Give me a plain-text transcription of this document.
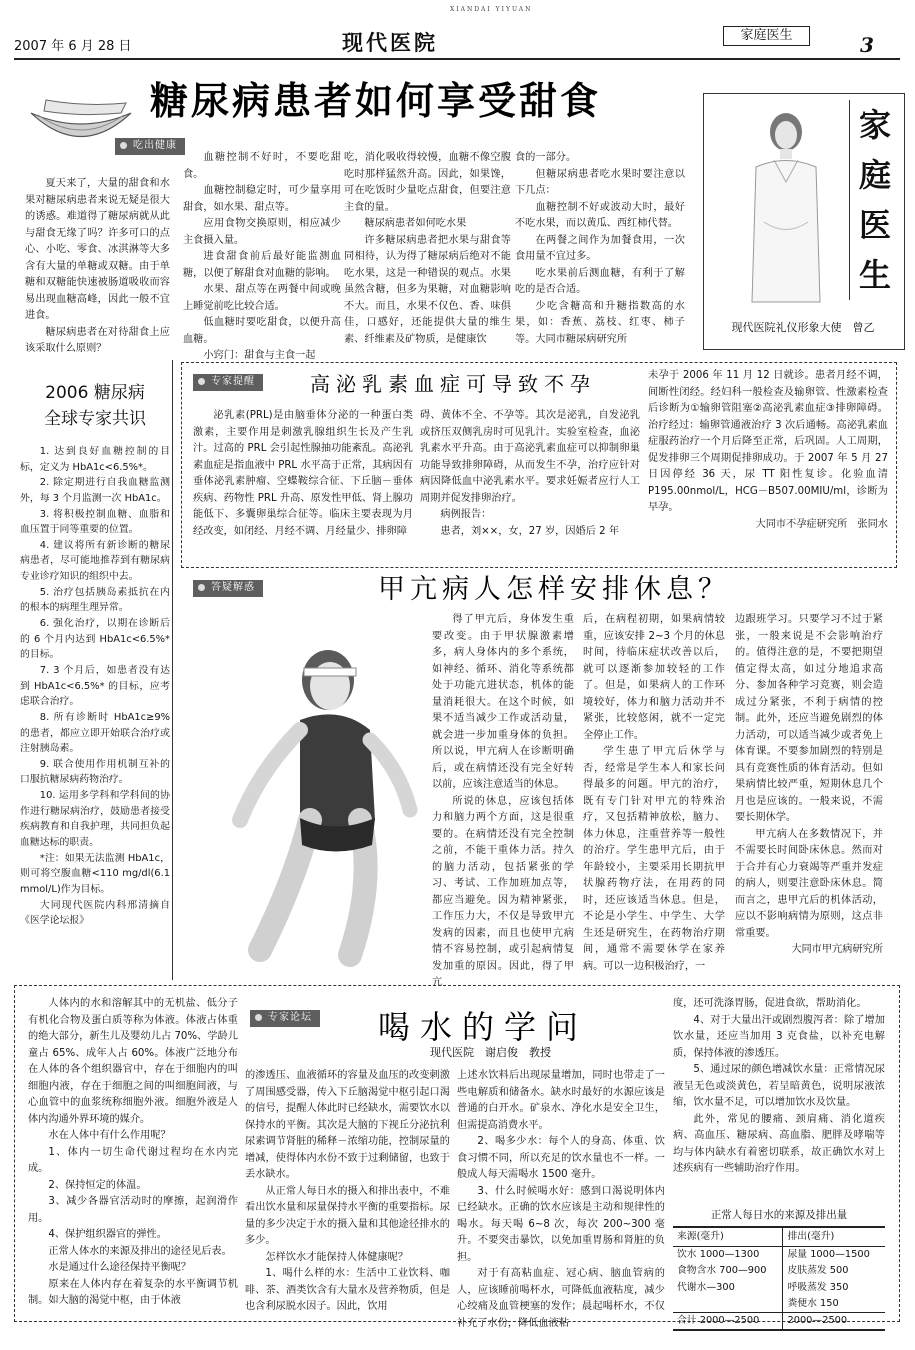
XIANDAI YIYUAN
2007 年 6 月 28 日	现代医院	家庭医生	3
糖尿病患者如何享受甜食
吃出健康

夏天来了，大量的甜食和水果对糖尿病患者来说无疑是很大的诱惑。难道得了糖尿病就从此与甜食无缘了吗？许多可口的点心、小吃、零食、冰淇淋等大多含有大量的单糖或双糖。由于单糖和双糖能快速被肠道吸收而容易出现血糖高峰，因此一般不宜进食。

糖尿病患者在对待甜食上应该采取什么原则？

血糖控制不好时，不要吃甜食。

血糖控制稳定时，可少量享用甜食，如水果、甜点等。

应用食物交换原则，相应减少主食摄入量。

进食甜食前后最好能监测血糖，以便了解甜食对血糖的影响。

水果、甜点等在两餐中间或晚上睡觉前吃比较合适。

低血糖时要吃甜食，以便升高血糖。

小窍门：甜食与主食一起

吃，消化吸收得较慢，血糖不像空腹吃时那样猛然升高。因此，如果馋，可在吃饭时少量吃点甜食，但要注意主食的量。

糖尿病患者如何吃水果

许多糖尿病患者把水果与甜食等同相待，认为得了糖尿病后绝对不能吃水果，这是一种错误的观点。水果虽然含糖，但多为果糖，对血糖影响不大。而且，水果不仅色、香、味俱佳，口感好，还能提供大量的维生素、纤维素及矿物质，是健康饮

食的一部分。

但糖尿病患者吃水果时要注意以下几点：

血糖控制不好或波动大时，最好不吃水果，而以黄瓜、西红柿代替。

在两餐之间作为加餐食用，一次食用量不宜过多。

吃水果前后测血糖，有利于了解吃的是否合适。

少吃含糖高和升糖指数高的水果，如：香蕉、荔枝、红枣、柿子等。大同市糖尿病研究所

家
庭
医
生
现代医院礼仪形象大使　曾乙
2006 糖尿病
全球专家共识

1. 达到良好血糖控制的目标，定义为 HbA1c<6.5%*。

2. 除定期进行自我血糖监测外，每 3 个月监测一次 HbA1c。

3. 将积极控制血糖、血脂和血压置于同等重要的位置。

4. 建议将所有新诊断的糖尿病患者，尽可能地推荐到有糖尿病专业诊疗知识的组织中去。

5. 治疗包括胰岛素抵抗在内的根本的病理生理异常。

6. 强化治疗，以期在诊断后的 6 个月内达到 HbA1c<6.5%* 的目标。

7. 3 个月后，如患者没有达到 HbA1c<6.5%* 的目标，应考虑联合治疗。

8. 所有诊断时 HbA1c≥9%的患者，都应立即开始联合治疗或注射胰岛素。

9. 联合使用作用机制互补的口服抗糖尿病药物治疗。

10. 运用多学科和学科间的协作进行糖尿病治疗，鼓励患者接受疾病教育和自我护理，共同担负起血糖达标的职责。

*注：如果无法监测 HbA1c，则可将空腹血糖<110 mg/dl(6.1 mmol/L)作为目标。

大同现代医院内科邢清摘自《医学论坛报》

专家提醒	高泌乳素血症可导致不孕

泌乳素(PRL)是由脑垂体分泌的一种蛋白类激素，主要作用是刺激乳腺组织生长及产生乳汁。过高的 PRL 会引起性腺抽功能紊乱。高泌乳素血症是指血液中 PRL 水平高于正常，其病因有垂体泌乳素肿瘤、空蝶鞍综合征、下丘脑－垂体疾病、药物性 PRL 升高、原发性甲低、肾上腺功能低下、多囊卵巢综合征等。临床主要表现为月经改变，如闭经、月经不调、月经量少、排卵障

碍、黄体不全、不孕等。其次是泌乳，自发泌乳或挤压双侧乳房时可见乳汁。实验室检查，血泌乳素水平升高。由于高泌乳素血症可以抑制卵巢功能导致排卵障碍，从而发生不孕，治疗应针对病因降低血中泌乳素水平。要求妊娠者应行人工周期并促发排卵治疗。

病例报告：

患者，刘××，女，27 岁，因婚后 2 年

未孕于 2006 年 11 月 12 日就诊。患者月经不调，间断性闭经。经妇科一般检查及输卵管、性激素检查后诊断为①输卵管阻塞②高泌乳素血症③排卵障碍。治疗经过：输卵管通液治疗 3 次后通畅。高泌乳素血症服药治疗一个月后降至正常，后巩固。人工周期，促发排卵三个周期促排卵成功。于 2007 年 5 月 27 日因停经 36 天，尿 TT 阳性复诊。化验血清 P195.00nmol/L，HCG－B507.00MIU/ml，诊断为早孕。

大同市不孕症研究所　张同水

答疑解惑	甲亢病人怎样安排休息？

得了甲亢后，身体发生重要改变。由于甲状腺激素增多，病人身体内的多个系统，如神经、循环、消化等系统都处于功能亢进状态，机体的能量消耗很大。在这个时候，如果不适当减少工作或活动量，就会进一步加重身体的负担。所以说，甲亢病人在诊断明确后，或在病情还没有完全好转以前，应该注意适当的休息。

所说的休息，应该包括体力和脑力两个方面，这是很重要的。在病情还没有完全控制之前，不能干重体力活。持久的脑力活动，包括紧张的学习、考试、工作加班加点等，都应当避免。因为精神紧张，工作压力大，不仅是导致甲亢发病的因素，而且也使甲亢病情不容易控制，或引起病情复发加重的原因。因此，得了甲亢

后，在病程初期，如果病情较重，应该安排 2~3 个月的休息时间，待临床症状改善以后，就可以逐渐参加较轻的工作了。但是，如果病人的工作环境较好，体力和脑力活动并不紧张，比较悠闲，就不一定完全停止工作。

学生患了甲亢后休学与否，经常是学生本人和家长问得最多的问题。甲亢的治疗，既有专门针对甲亢的特殊治疗，又包括精神放松，脑力、体力休息，注重营养等一般性的治疗。学生患甲亢后，由于年龄较小，主要采用长期抗甲状腺药物疗法，在用药的同时，还应该适当休息。但是，不论是小学生、中学生、大学生还是研究生，在药物治疗期间，通常不需要休学在家养病。可以一边积极治疗，一

边跟班学习。只要学习不过于紧张，一般来说是不会影响治疗的。值得注意的是，不要把期望值定得太高，如过分地追求高分、参加各种学习竞赛，则会造成过分紧张，不利于病情的控制。此外，还应当避免剧烈的体力活动，可以适当减少或者免上体育课。不要参加剧烈的特别是具有竞赛性质的体育活动。但如果病情比较严重，短期休息几个月也是应该的。一般来说，不需要长期休学。

甲亢病人在多数情况下，并不需要长时间卧床休息。然而对于合并有心力衰竭等严重并发症的病人，则要注意卧床休息。简而言之，患甲亢后的机体活动，应以不影响病情为原则，这点非常重要。

大同市甲亢病研究所

专家论坛 喝水的学问
现代医院　谢启俊　教授

人体内的水和溶解其中的无机盐、低分子有机化合物及蛋白质等称为体液。体液占体重的绝大部分，新生儿及婴幼儿占 70%、学龄儿童占 65%、成年人占 60%。体液广泛地分布在人体的各个组织器官中，存在于细胞内的叫细胞内液，存在于细胞之间的叫细胞间液，与心血管中的血浆统称细胞外液。细胞外液是人体内沟通外界环境的媒介。

水在人体中有什么作用呢？

1、体内一切生命代谢过程均在水内完成。

2、保持恒定的体温。

3、减少各器官活动时的摩擦，起润滑作用。

4、保护组织器官的弹性。

正常人体水的来源及排出的途径见后表。

水是通过什么途径保持平衡呢？

原来在人体内存在着复杂的水平衡调节机制。如大脑的渴觉中枢，由于体液

的渗透压、血液循环的容量及血压的改变刺激了周围感受器，传入下丘脑渴觉中枢引起口渴的信号，提醒人体此时已经缺水，需要饮水以保持水的平衡。其次是大脑的下视丘分泌抗利尿素调节肾脏的稀释－浓缩功能，控制尿量的增减，使得体内水份不致于过剩储留，也致于丢水缺水。

从正常人每日水的摄入和排出表中，不难看出饮水量和尿量保持水平衡的重要指标。尿量的多少决定于水的摄入量和其他途径排水的多少。

怎样饮水才能保持人体健康呢？

1、喝什么样的水：生活中工业饮料、咖啡、茶、酒类饮含有大量水及营养物质，但是也含利尿脱水因子。因此，饮用

上述水饮料后出现尿量增加，同时也带走了一些电解质和储备水。缺水时最好的水源应该是普通的白开水。矿泉水、净化水是安全卫生，但需提高消费水平。

2、喝多少水：每个人的身高、体重、饮食习惯不同，所以充足的饮水量也不一样。一般成人每天需喝水 1500 毫升。

3、什么时候喝水好：感到口渴说明体内已经缺水。正确的饮水应该是主动和规律性的喝水。每天喝 6~8 次，每次 200~300 毫升。不要突击暴饮，以免加重胃肠和肾脏的负担。

对于有高粘血症、冠心病、脑血管病的人，应该睡前喝杯水，可降低血液粘度，减少心绞痛及血管梗塞的发作；晨起喝杯水，不仅补充了水份，降低血液粘

度，还可洗涤胃肠，促进食欲，帮助消化。

4、对于大量出汗或剧烈腹泻者：除了增加饮水量，还应当加用 3 克食盐，以补充电解质，保持体液的渗透压。

5、通过尿的颜色增减饮水量：正常情况尿液呈无色或淡黄色，若呈暗黄色，说明尿液浓缩，饮水量不足，可以增加饮水及饮量。

此外，常见的腰痛、颈肩痛、消化道疾病、高血压、糖尿病、高血脂、肥胖及哮喘等均与体内缺水有着密切联系，故正确饮水对上述疾病有一些辅助治疗作用。

正常人每日水的来源及排出量
来源(毫升)	排出(毫升)
饮水 1000—1300	尿量 1000—1500
食物含水 700—900	皮肤蒸发 500
代谢水—300	呼吸蒸发 350
	粪便水 150
合计 2000—2500	2000—2500
